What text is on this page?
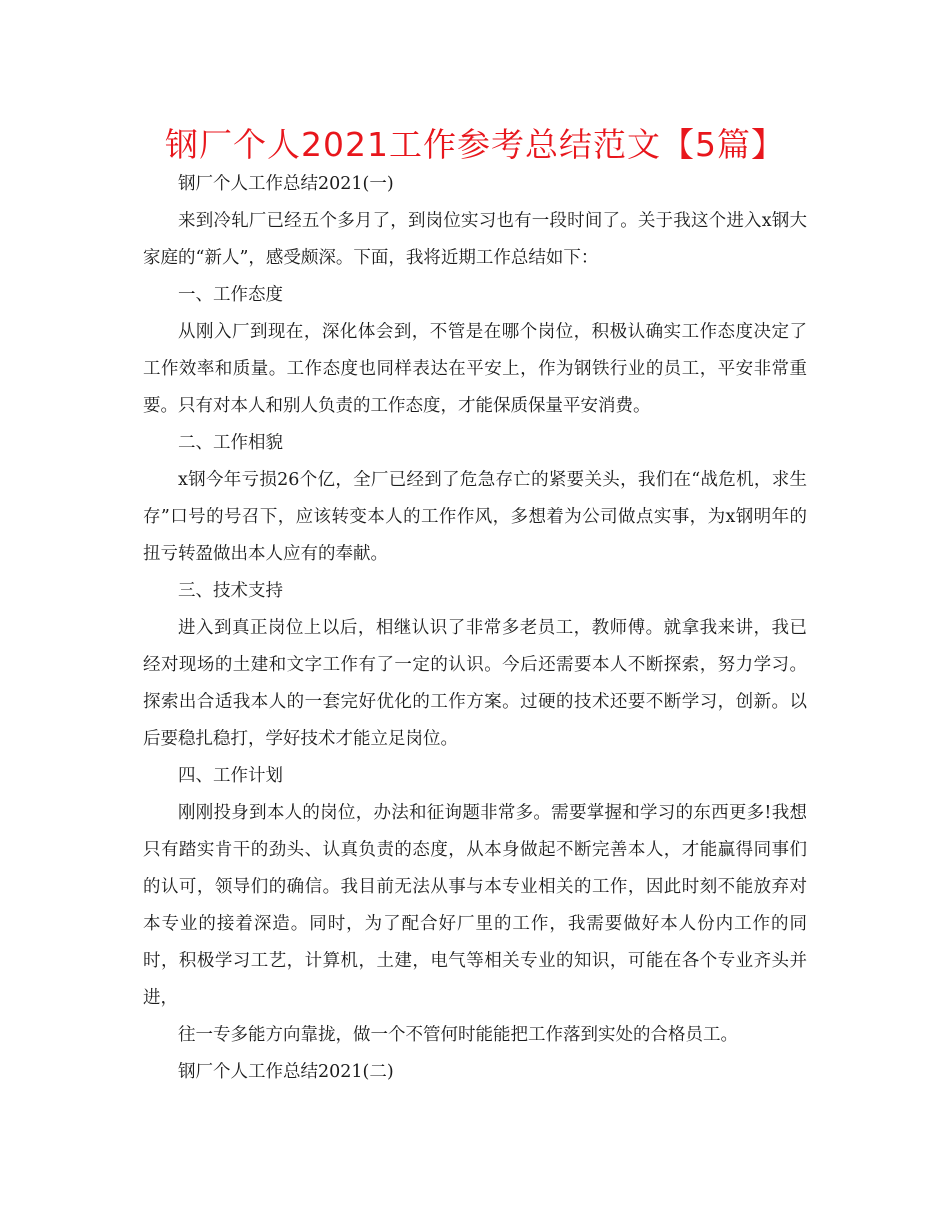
钢厂个人2021工作参考总结范文【5篇】

钢厂个人工作总结2021(一)

来到冷轧厂已经五个多月了，到岗位实习也有一段时间了。关于我这个进入x钢大家庭的“新人”，感受颇深。下面，我将近期工作总结如下：

一、工作态度

从刚入厂到现在，深化体会到，不管是在哪个岗位，积极认确实工作态度决定了工作效率和质量。工作态度也同样表达在平安上，作为钢铁行业的员工，平安非常重要。只有对本人和别人负责的工作态度，才能保质保量平安消费。

二、工作相貌

x钢今年亏损26个亿，全厂已经到了危急存亡的紧要关头，我们在“战危机，求生存”口号的号召下，应该转变本人的工作作风，多想着为公司做点实事，为x钢明年的扭亏转盈做出本人应有的奉献。

三、技术支持

进入到真正岗位上以后，相继认识了非常多老员工，教师傅。就拿我来讲，我已经对现场的土建和文字工作有了一定的认识。今后还需要本人不断探索，努力学习。探索出合适我本人的一套完好优化的工作方案。过硬的技术还要不断学习，创新。以后要稳扎稳打，学好技术才能立足岗位。

四、工作计划

刚刚投身到本人的岗位，办法和征询题非常多。需要掌握和学习的东西更多!我想只有踏实肯干的劲头、认真负责的态度，从本身做起不断完善本人，才能赢得同事们的认可，领导们的确信。我目前无法从事与本专业相关的工作，因此时刻不能放弃对本专业的接着深造。同时，为了配合好厂里的工作，我需要做好本人份内工作的同时，积极学习工艺，计算机，土建，电气等相关专业的知识，可能在各个专业齐头并进，

往一专多能方向靠拢，做一个不管何时能能把工作落到实处的合格员工。

钢厂个人工作总结2021(二)
